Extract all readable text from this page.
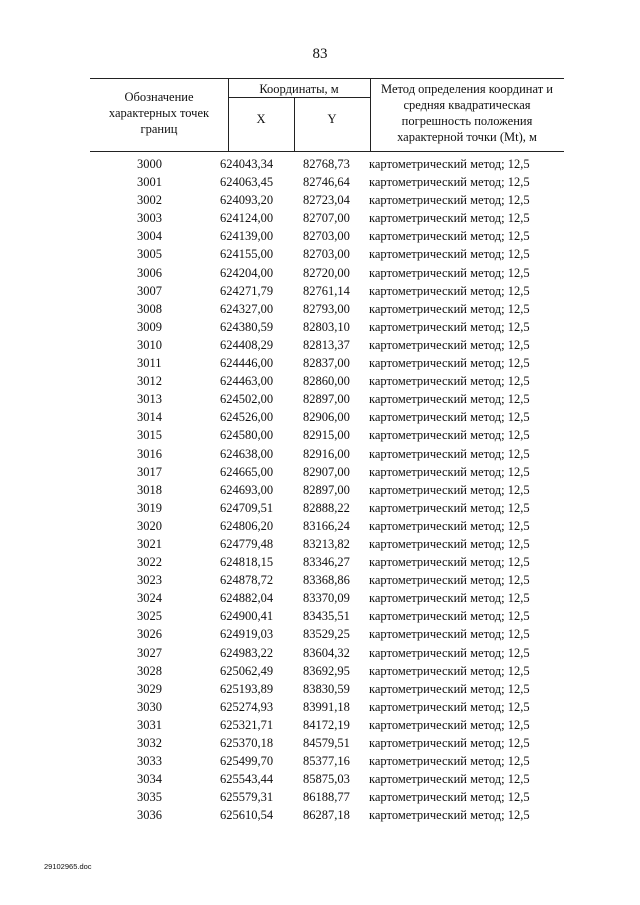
83
Обозначение характерных точек границ
Координаты, м
X	Y
Метод определения координат и средняя квадратическая погрешность положения характерной точки (Mt), м
3000	624043,34 82768,73 картометрический метод; 12,5
3001	624063,45 82746,64 картометрический метод; 12,5
3002	624093,20 82723,04 картометрический метод; 12,5
3003	624124,00 82707,00 картометрический метод; 12,5
3004	624139,00 82703,00 картометрический метод; 12,5
3005	624155,00 82703,00 картометрический метод; 12,5
3006	624204,00 82720,00 картометрический метод; 12,5
3007	624271,79 82761,14 картометрический метод; 12,5
3008	624327,00 82793,00 картометрический метод; 12,5
3009	624380,59 82803,10 картометрический метод; 12,5
3010	624408,29 82813,37 картометрический метод; 12,5
3011	624446,00 82837,00 картометрический метод; 12,5
3012	624463,00 82860,00 картометрический метод; 12,5
3013	624502,00 82897,00 картометрический метод; 12,5
3014	624526,00 82906,00 картометрический метод; 12,5
3015	624580,00 82915,00 картометрический метод; 12,5
3016	624638,00 82916,00 картометрический метод; 12,5
3017	624665,00 82907,00 картометрический метод; 12,5
3018	624693,00 82897,00 картометрический метод; 12,5
3019	624709,51 82888,22 картометрический метод; 12,5
3020	624806,20 83166,24 картометрический метод; 12,5
3021	624779,48 83213,82 картометрический метод; 12,5
3022	624818,15 83346,27 картометрический метод; 12,5
3023	624878,72 83368,86 картометрический метод; 12,5
3024	624882,04 83370,09 картометрический метод; 12,5
3025	624900,41 83435,51 картометрический метод; 12,5
3026	624919,03 83529,25 картометрический метод; 12,5
3027	624983,22 83604,32 картометрический метод; 12,5
3028	625062,49 83692,95 картометрический метод; 12,5
3029	625193,89 83830,59 картометрический метод; 12,5
3030	625274,93 83991,18 картометрический метод; 12,5
3031	625321,71 84172,19 картометрический метод; 12,5
3032	625370,18 84579,51 картометрический метод; 12,5
3033	625499,70 85377,16 картометрический метод; 12,5
3034	625543,44 85875,03 картометрический метод; 12,5
3035	625579,31 86188,77 картометрический метод; 12,5
3036	625610,54 86287,18 картометрический метод; 12,5
29102965.doc
